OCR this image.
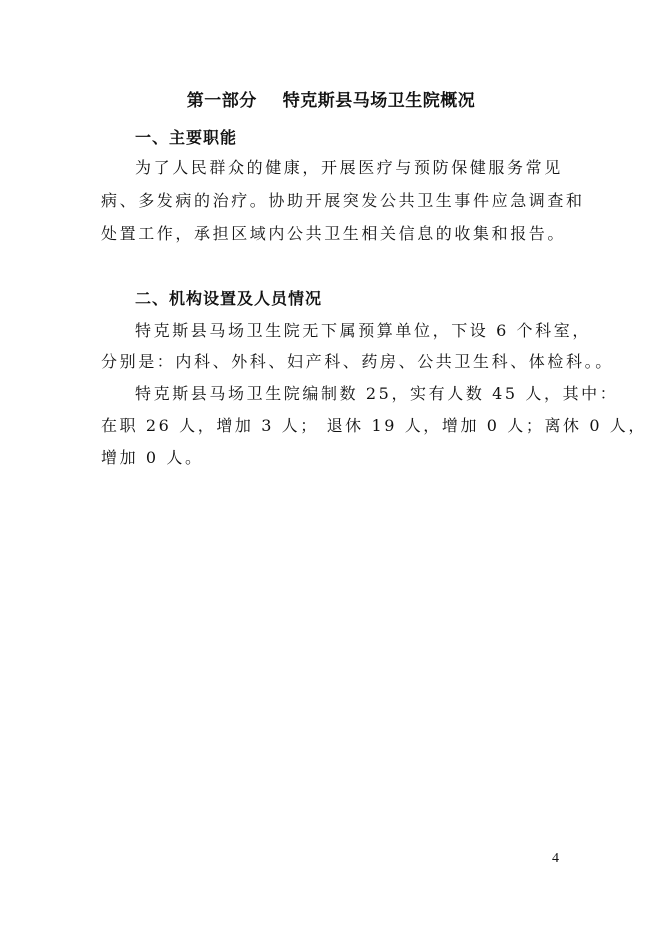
第一部分 特克斯县马场卫生院概况
一、主要职能
为了人民群众的健康，开展医疗与预防保健服务常见
病、多发病的治疗。协助开展突发公共卫生事件应急调查和
处置工作，承担区域内公共卫生相关信息的收集和报告。
二、机构设置及人员情况
特克斯县马场卫生院无下属预算单位，下设 6 个科室，
分别是：内科、外科、妇产科、药房、公共卫生科、体检科。。
特克斯县马场卫生院编制数 25，实有人数 45 人，其中：
在职 26 人，增加 3 人； 退休 19 人，增加 0 人；离休 0 人，
增加 0 人。
4
